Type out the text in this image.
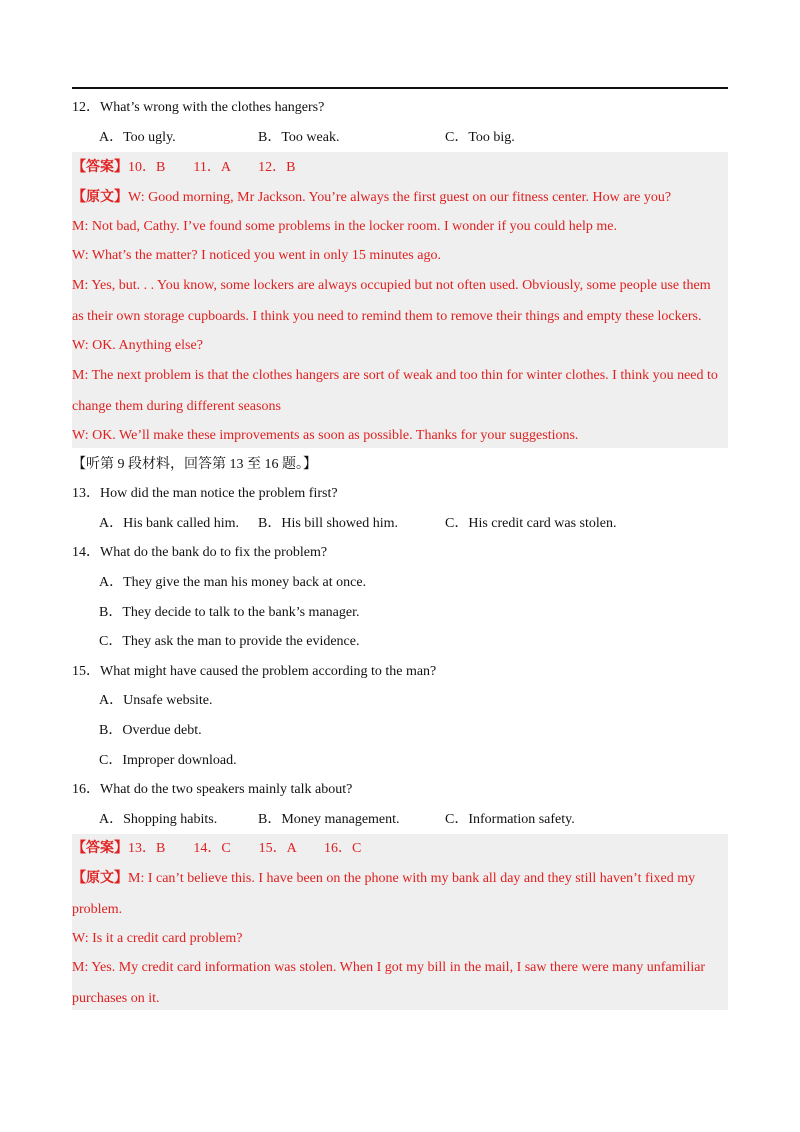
12．What’s wrong with the clothes hangers?
A．Too ugly.	B．Too weak.	C．Too big.
【答案】10．B　　11．A　　12．B
【原文】W: Good morning, Mr Jackson. You’re always the first guest on our fitness center. How are you?
M: Not bad, Cathy. I’ve found some problems in the locker room. I wonder if you could help me.
W: What’s the matter? I noticed you went in only 15 minutes ago.
M: Yes, but. . . You know, some lockers are always occupied but not often used. Obviously, some people use them
as their own storage cupboards. I think you need to remind them to remove their things and empty these lockers.
W: OK. Anything else?
M: The next problem is that the clothes hangers are sort of weak and too thin for winter clothes. I think you need to
change them during different seasons
W: OK. We’ll make these improvements as soon as possible. Thanks for your suggestions.
【听第 9 段材料，回答第 13 至 16 题。】
13．How did the man notice the problem first?
A．His bank called him. B．His bill showed him.	C．His credit card was stolen.
14．What do the bank do to fix the problem?
A．They give the man his money back at once.
B．They decide to talk to the bank’s manager.
C．They ask the man to provide the evidence.
15．What might have caused the problem according to the man?
A．Unsafe website.
B．Overdue debt.
C．Improper download.
16．What do the two speakers mainly talk about?
A．Shopping habits.	B．Money management.	C．Information safety.
【答案】13．B　　14．C　　15．A　　16．C
【原文】M: I can’t believe this. I have been on the phone with my bank all day and they still haven’t fixed my
problem.
W: Is it a credit card problem?
M: Yes. My credit card information was stolen. When I got my bill in the mail, I saw there were many unfamiliar
purchases on it.
